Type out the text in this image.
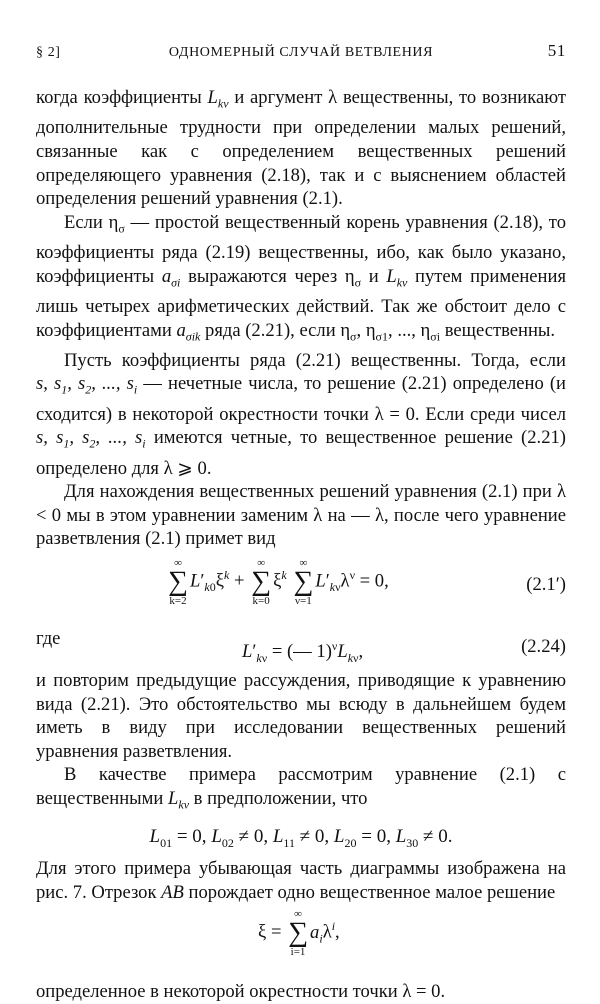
§ 2]	ОДНОМЕРНЫЙ СЛУЧАЙ ВЕТВЛЕНИЯ	51

когда коэффициенты $L_{k\nu}$ и аргумент λ вещественны, то возникают дополнительные трудности при определении малых решений, связанные как с определением вещественных решений определяющего уравнения (2.18), так и с выяснением областей определения решений уравнения (2.1).

Если $\eta_\sigma$ — простой вещественный корень уравнения (2.18), то коэффициенты ряда (2.19) вещественны, ибо, как было указано, коэффициенты $a_{\sigma i}$ выражаются через $\eta_\sigma$ и $L_{k\nu}$ путем применения лишь четырех арифметических действий. Так же обстоит дело с коэффициентами $a_{\sigma ik}$ ряда (2.21), если $\eta_\sigma$, $\eta_{\sigma 1}$, ..., $\eta_{\sigma i}$ вещественны.

Пусть коэффициенты ряда (2.21) вещественны. Тогда, если s, $s_1$, $s_2$, ..., $s_i$ — нечетные числа, то решение (2.21) определено (и сходится) в некоторой окрестности точки λ = 0. Если среди чисел s, $s_1$, $s_2$, ..., $s_i$ имеются четные, то вещественное решение (2.21) определено для λ ⩾ 0.

Для нахождения вещественных решений уравнения (2.1) при λ < 0 мы в этом уравнении заменим λ на — λ, после чего уравнение разветвления (2.1) примет вид

∞
∑
k=2
$L'_{k0}\xi^k$ +
∞
∑
k=0
$\xi^k$
∞
∑
ν=1
$L'_{k\nu}\lambda^\nu = 0$,	(2.1′)
где
$L'_{k\nu}$ = (— $1)^\nu L_{k\nu}$,	(2.24)

и повторим предыдущие рассуждения, приводящие к уравнению вида (2.21). Это обстоятельство мы всюду в дальнейшем будем иметь в виду при исследовании вещественных решений уравнения разветвления.

В качестве примера рассмотрим уравнение (2.1) с вещественными $L_{k\nu}$ в предположении, что

$L_{01} = 0$, $L_{02} \ne 0$, $L_{11} \ne 0$, $L_{20} = 0$, $L_{30} \ne 0$.

Для этого примера убывающая часть диаграммы изображена на рис. 7. Отрезок AB порождает одно вещественное малое решение

ξ =
∞
∑
i=1
$a_i\lambda^i$,

определенное в некоторой окрестности точки λ = 0.
